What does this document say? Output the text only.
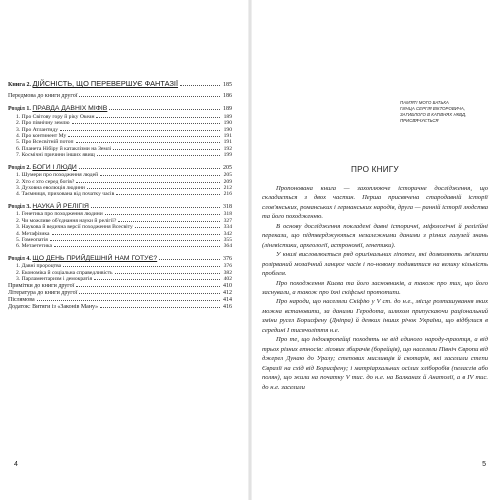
Книга 2. ДІЙСНІСТЬ, ЩО ПЕРЕВЕРШУЄ ФАНТАЗІЇ	185
Передмова до книги другої	186
Розділ 1. ПРАВДА ДАВНІХ МІФІВ	189
1. Про Світову гору й ріку Океан	189
2. Про північну землю	190
3. Про Атлантиду	190
4. Про континент Му	191
5. Про Всесвітній потоп	191
6. Планета Нібіру й катаклізми на Землі	192
7. Космічні причини інших явищ	199
Розділ 2. БОГИ І ЛЮДИ	205
1. Шумери про походження людей	205
2. Хто є хто серед богів?	209
3. Духовна еволюція людини	212
4. Таємниця, прихована від початку часів	216
Розділ 3. НАУКА Й РЕЛІГІЯ	318
1. Генетика про походження людини	318
2. Чи можливе об'єднання науки й релігії?	327
3. Наукова й ведична версії походження Всесвіту	334
4. Метафізика	342
5. Гомеопатія	355
6. Метаететика	364
Розділ 4. ЩО ДЕНЬ ПРИЙДЕШНІЙ НАМ ГОТУЄ?	376
1. Давні пророцтва	376
2. Економіка й соціальна справедливість	382
3. Парламентаризм і демократія	402
Примітки до книги другої	410
Література до книги другої	412
Післямова	414
Додаток: Витяги із «Законів Ману»	416
4
ПАМ'ЯТІ МОГО БАТЬКА
ГИНЦА СЕРГІЯ ВІКТОРОВИЧА,
ЗАГИБЛОГО В КАТІВНЯХ НКВД,
ПРИСВЯЧУЄТЬСЯ
ПРО КНИГУ

Пропонована книга — захоплююче історичне дослідження, що складається з двох частин. Перша присвячена стародавній історії слов'янських, романських і германських народів, друга — ранній історії людства та його походженню.

В основу дослідження покладені давні історичні, міфологічні й релігійні перекази, що підтверджуються незалежними даними з різних галузей знань (лінгвістики, археології, астрономії, генетики).

У книзі висловлюється ряд оригінальних гіпотез, які дозволяють зв'язати розірваний мозаїчний ланцюг часів і по-новому подивитися на велику кількість проблем.

Про походження Києва та його засновників, а також про тих, що його заснували, а також про їхні скіфські прототипи.

Про народи, що населяли Скіфію у V ст. до н.е., місце розташування яких можна встановити, за даними Геродота, шляхом припускаючи раціональний зміни русел Борисфену (Дніпра) й деяких інших річок України, що відбулися в середині I тисячоліття н.е.

Про те, що індоєвропейці походять не від єдиного народу-праотця, а від трьох різних етносів: лісових збирачів (борейців), що населяли Північ Європи від джерел Дунаю до Уралу; степових мисливців й скотарів, які заселили степи Євразії на схід від Борисфену; і матріархальних осілих хліборобів (пеласгів або полян), що жили на початку V тис. до н.е. на Балканах й Анатолії, а в IV тис. до н.е. заселили

5
